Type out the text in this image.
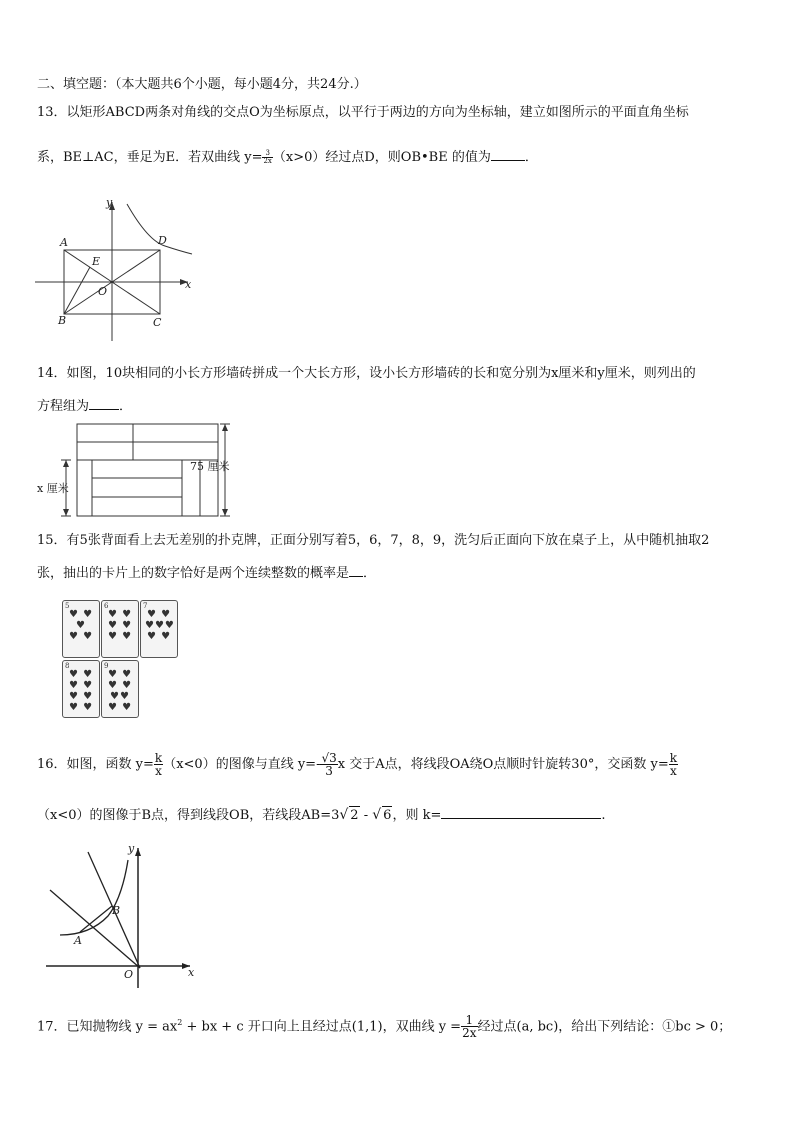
二、填空题：（本大题共6个小题，每小题4分，共24分.）
13．以矩形ABCD两条对角线的交点O为坐标原点，以平行于两边的方向为坐标轴，建立如图所示的平面直角坐标
系，BE⊥AC，垂足为E．若双曲线 $y= \frac{3}{2x} (x>0)$经过点D，则OB•BE 的值为	．
y
x
A
B	C
D
E
O
14．如图，10块相同的小长方形墙砖拼成一个大长方形，设小长方形墙砖的长和宽分别为x厘米和y厘米，则列出的
方程组为 ．
75 厘米
x 厘米
15．有5张背面看上去无差别的扑克牌，正面分别写着5，6，7，8，9，洗匀后正面向下放在桌子上，从中随机抽取2
张，抽出的卡片上的数字恰好是两个连续整数的概率是 ．
5
♥ ♥
♥
♥ ♥
6
♥ ♥
♥ ♥
♥ ♥
7
♥ ♥
♥♥♥
♥ ♥
8
♥ ♥
♥ ♥
♥ ♥
♥ ♥
9
♥ ♥
♥ ♥
♥♥
♥ ♥
16．如图，函数 $y= \frac{k}{x} (x<0)$的图像与直线 $y=- \frac{√3}{3}$ x 交于A点，将线段OA绕O点顺时针旋转30°，交函数 $y= \frac{k}{x}$
（x<0）的图像于B点，得到线段OB，若线段AB=3√ 2 - √ 6，则 k=	.
y
x
A
B
O
17．已知抛物线 $y = ax^2$ + bx + c 开口向上且经过点(1,1)，双曲线 $y = \frac{1}{2x}$ 经过点(a, bc)，给出下列结论：①bc > 0；
